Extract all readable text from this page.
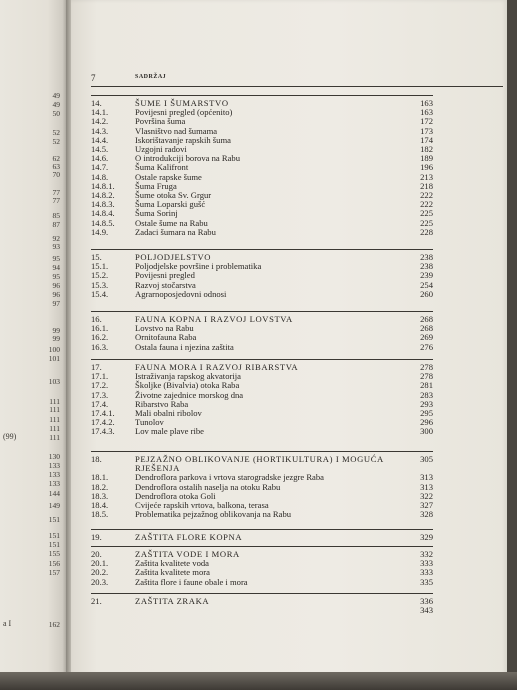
49
49
50
52
52
62
63
70
77
77
85
87
92
93
95
94
95
96
96
97
99
99
100
101
103
111
111
111
111
111
130
133
133
133
144
149
151
151
151
155
156
157
162
(99)
a I
7	SADRŽAJ
14.	ŠUME I ŠUMARSTVO	163
14.1.	Povijesni pregled (općenito)	163
14.2.	Površina šuma	172
14.3.	Vlasništvo nad šumama	173
14.4.	Iskorištavanje rapskih šuma	174
14.5.	Uzgojni radovi	182
14.6.	O introdukciji borova na Rabu	189
14.7.	Šuma Kalifront	196
14.8.	Ostale rapske šume	213
14.8.1. Šuma Fruga	218
14.8.2. Šume otoka Sv. Grgur	222
14.8.3. Šuma Loparski gušć	222
14.8.4. Šuma Sorinj	225
14.8.5. Ostale šume na Rabu	225
14.9.	Zadaci šumara na Rabu	228
15.	POLJODJELSTVO	238
15.1.	Poljodjelske površine i problematika	238
15.2.	Povijesni pregled	239
15.3.	Razvoj stočarstva	254
15.4.	Agrarnoposjedovni odnosi	260
16.	FAUNA KOPNA I RAZVOJ LOVSTVA	268
16.1.	Lovstvo na Rabu	268
16.2.	Ornitofauna Raba	269
16.3.	Ostala fauna i njezina zaštita	276
17.	FAUNA MORA I RAZVOJ RIBARSTVA	278
17.1.	Istraživanja rapskog akvatorija	278
17.2.	Školjke (Bivalvia) otoka Raba	281
17.3.	Životne zajednice morskog dna	283
17.4.	Ribarstvo Raba	293
17.4.1. Mali obalni ribolov	295
17.4.2. Tunolov	296
17.4.3. Lov male plave ribe	300
18.	PEJZAŽNO OBLIKOVANJE (HORTIKULTURA) I MOGUĆA	305
RJEŠENJA
18.1.	Dendroflora parkova i vrtova starogradske jezgre Raba	313
18.2.	Dendroflora ostalih naselja na otoku Rabu	313
18.3.	Dendroflora otoka Goli	322
18.4.	Cvijeće rapskih vrtova, balkona, terasa	327
18.5.	Problematika pejzažnog oblikovanja na Rabu	328
19.	ZAŠTITA FLORE KOPNA	329
20.	ZAŠTITA VODE I MORA	332
20.1.	Zaštita kvalitete voda	333
20.2.	Zaštita kvalitete mora	333
20.3.	Zaštita flore i faune obale i mora	335
21.	ZAŠTITA ZRAKA	336
343
